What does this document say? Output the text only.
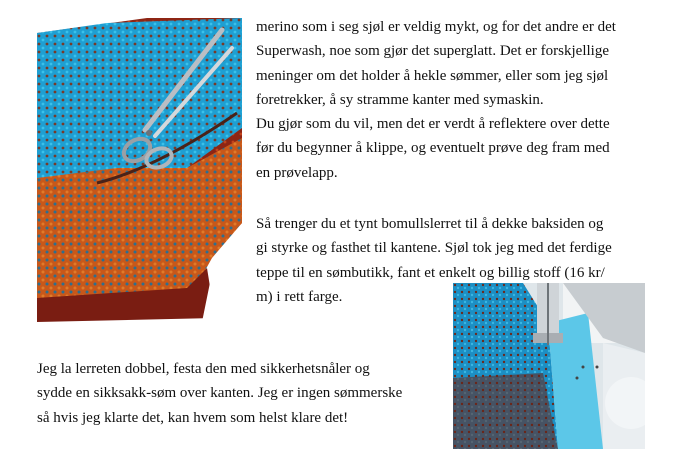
merino som i seg sjøl er veldig mykt, og for det andre er det

Superwash, noe som gjør det superglatt. Det er forskjellige

meninger om det holder å hekle sømmer, eller som jeg sjøl

foretrekker, å sy stramme kanter med symaskin.

Du gjør som du vil, men det er verdt å reflektere over dette

før du begynner å klippe, og eventuelt prøve deg fram med

en prøvelapp.

Så trenger du et tynt bomullslerret til å dekke baksiden og

gi styrke og fasthet til kantene. Sjøl tok jeg med det ferdige

teppe til en sømbutikk, fant et enkelt og billig stoff (16 kr/

m) i rett farge.

Jeg la lerreten dobbel, festa den med sikkerhetsnåler og

sydde en sikksakk-søm over kanten. Jeg er ingen sømmerske

så hvis jeg klarte det, kan hvem som helst klare det!
